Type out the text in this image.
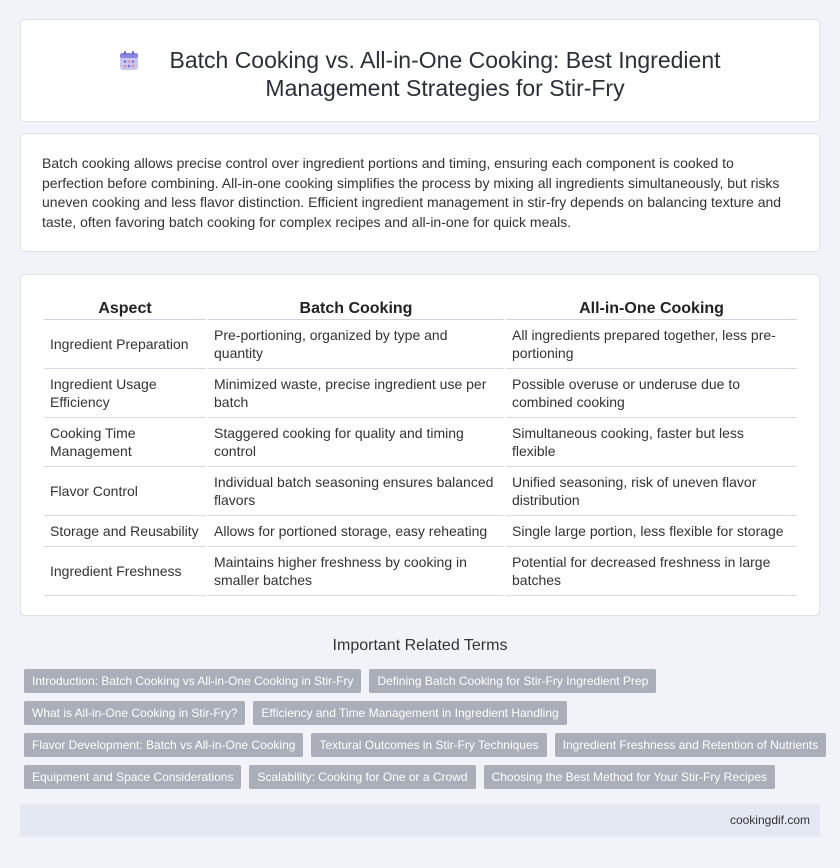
Batch Cooking vs. All-in-One Cooking: Best Ingredient Management Strategies for Stir-Fry

Batch cooking allows precise control over ingredient portions and timing, ensuring each component is cooked to perfection before combining. All-in-one cooking simplifies the process by mixing all ingredients simultaneously, but risks uneven cooking and less flavor distinction. Efficient ingredient management in stir-fry depends on balancing texture and taste, often favoring batch cooking for complex recipes and all-in-one for quick meals.

Aspect	Batch Cooking	All-in-One Cooking
Ingredient Preparation	Pre-portioning, organized by type and quantity	All ingredients prepared together, less pre-portioning
Ingredient Usage Efficiency	Minimized waste, precise ingredient use per batch	Possible overuse or underuse due to combined cooking
Cooking Time Management	Staggered cooking for quality and timing control	Simultaneous cooking, faster but less flexible
Flavor Control	Individual batch seasoning ensures balanced flavors	Unified seasoning, risk of uneven flavor distribution
Storage and Reusability	Allows for portioned storage, easy reheating	Single large portion, less flexible for storage
Ingredient Freshness	Maintains higher freshness by cooking in smaller batches	Potential for decreased freshness in large batches
Important Related Terms
Introduction: Batch Cooking vs All-in-One Cooking in Stir-Fry	Defining Batch Cooking for Stir-Fry Ingredient Prep
What is All-in-One Cooking in Stir-Fry?	Efficiency and Time Management in Ingredient Handling
Flavor Development: Batch vs All-in-One Cooking	Textural Outcomes in Stir-Fry Techniques	Ingredient Freshness and Retention of Nutrients
Equipment and Space Considerations	Scalability: Cooking for One or a Crowd	Choosing the Best Method for Your Stir-Fry Recipes
cookingdif.com
